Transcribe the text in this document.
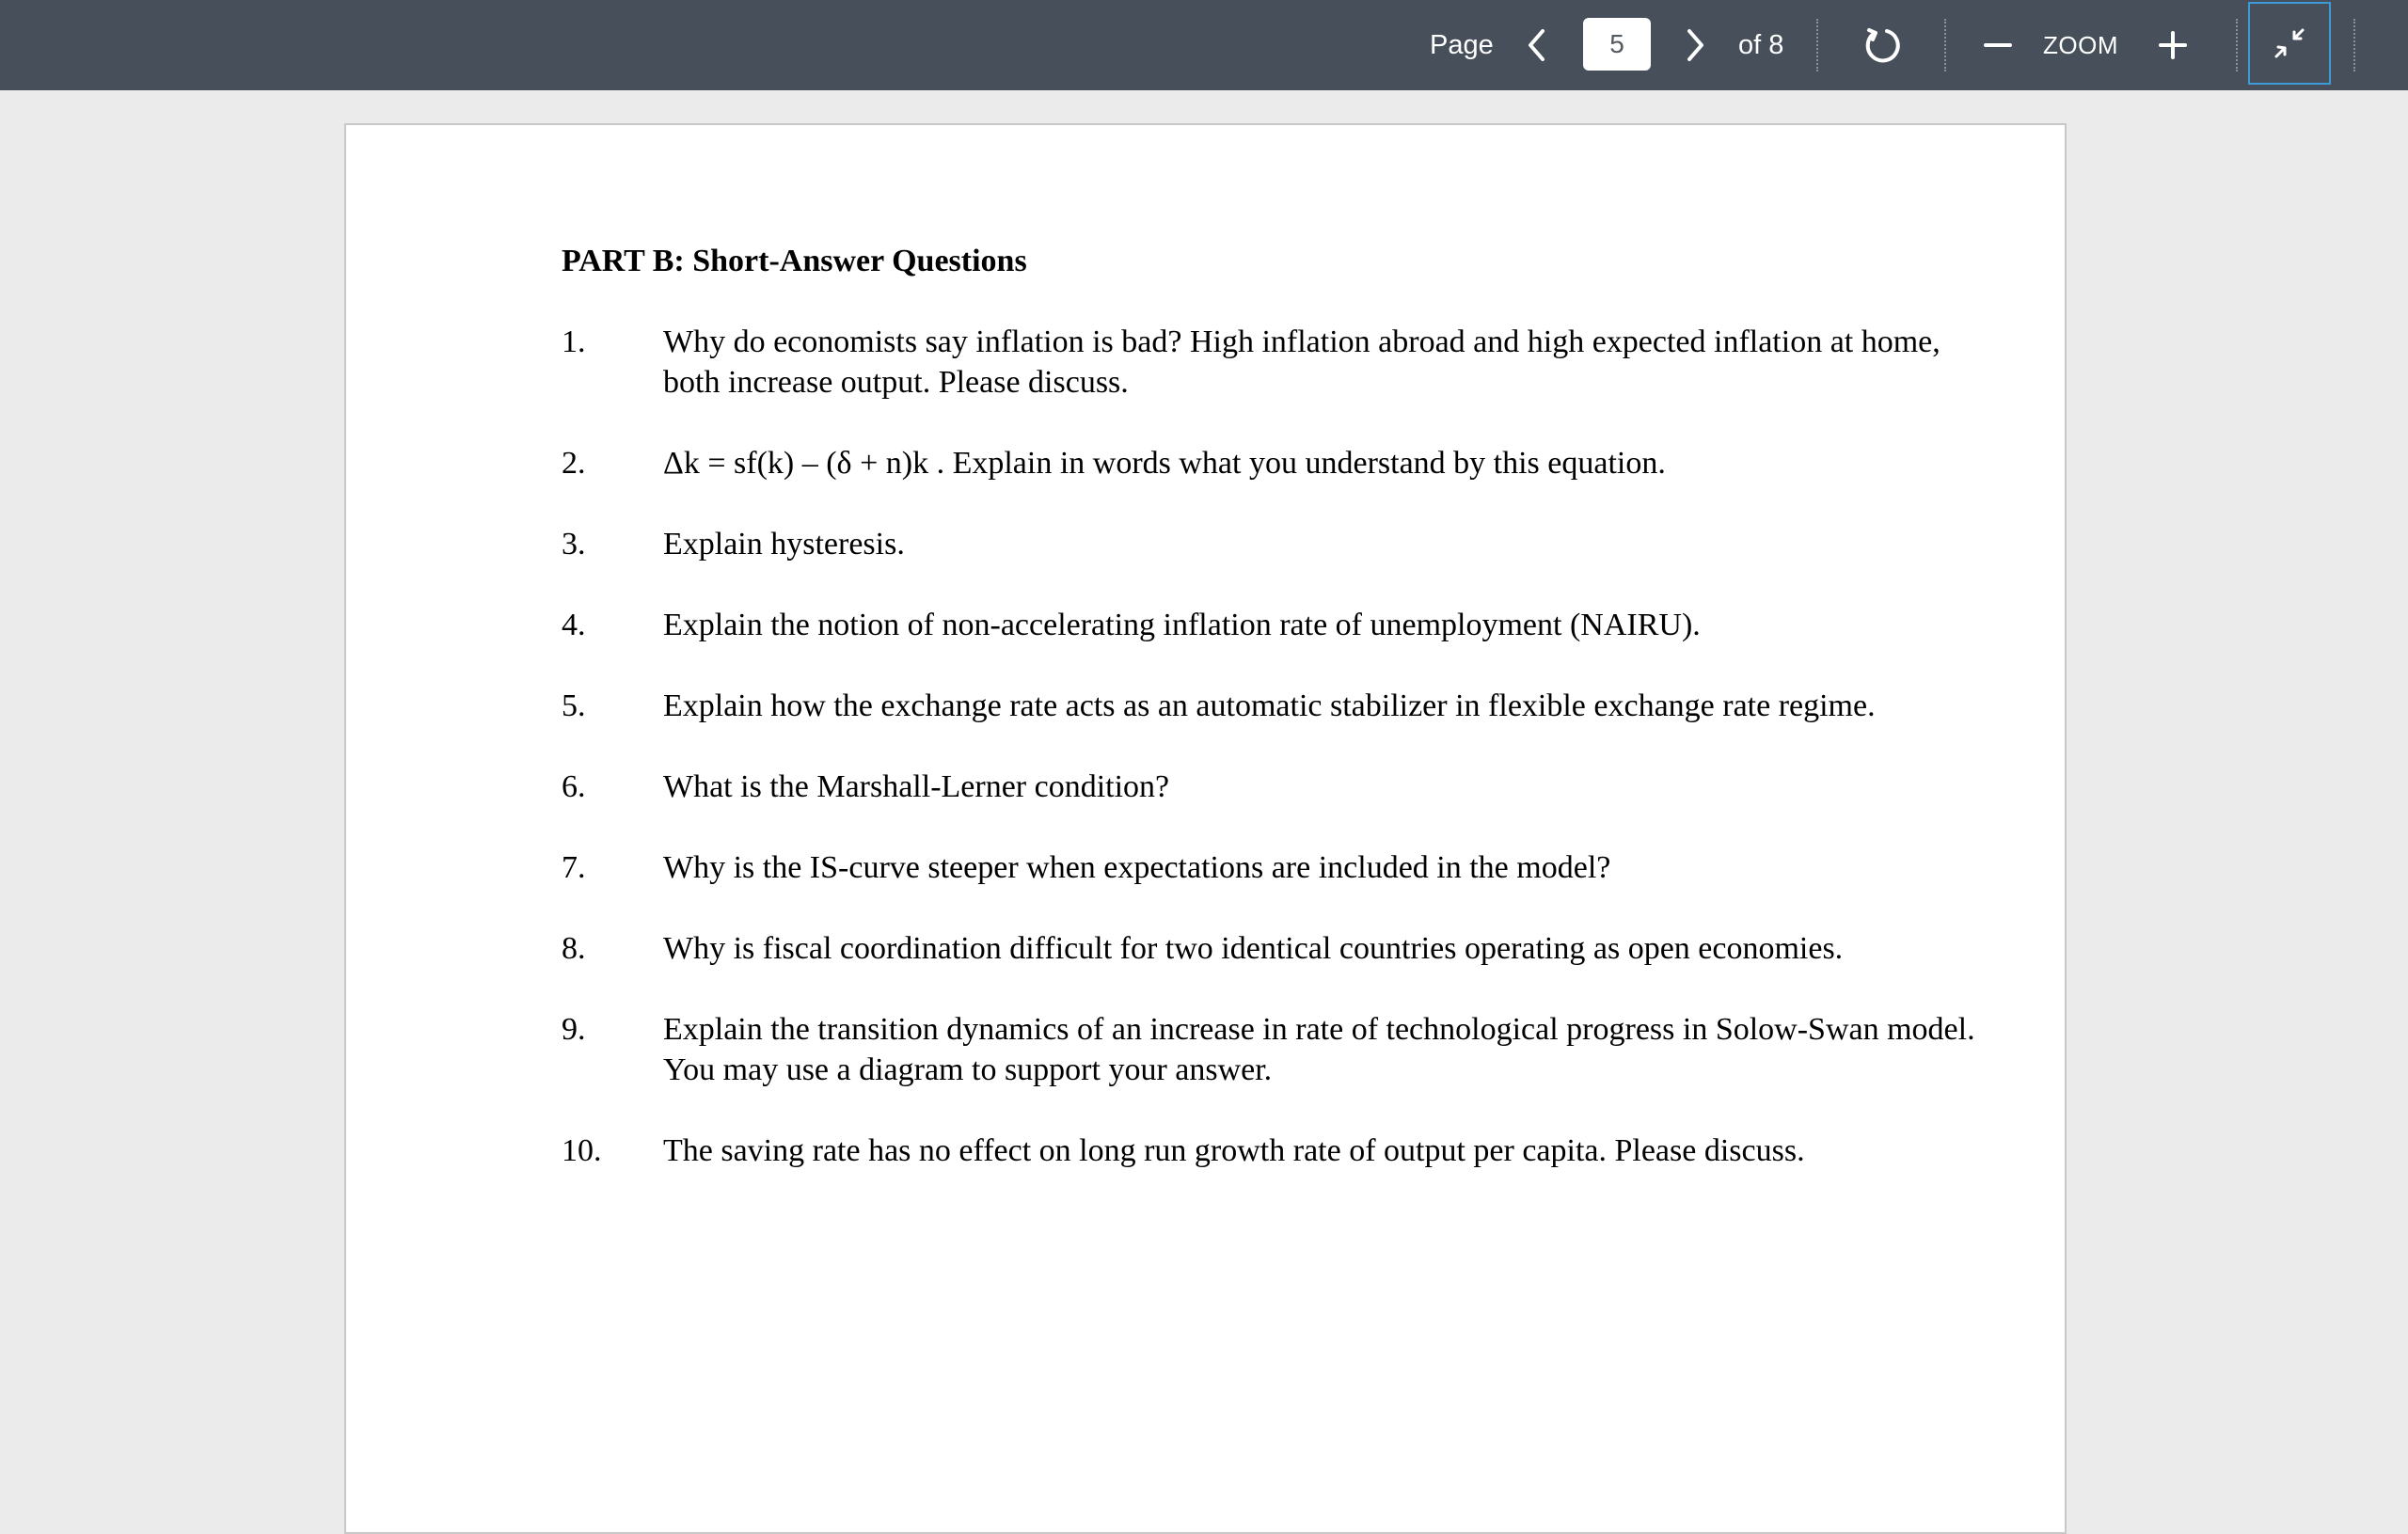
Page
5	of 8	ZOOM
PART B: Short-Answer Questions
1. Why do economists say inflation is bad? High inflation abroad and high expected inflation at home, both increase output. Please discuss.
2. Δk = sf(k) – (δ + n)k . Explain in words what you understand by this equation.
3. Explain hysteresis.
4. Explain the notion of non-accelerating inflation rate of unemployment (NAIRU).
5. Explain how the exchange rate acts as an automatic stabilizer in flexible exchange rate regime.
6. What is the Marshall-Lerner condition?
7. Why is the IS-curve steeper when expectations are included in the model?
8. Why is fiscal coordination difficult for two identical countries operating as open economies.
9. Explain the transition dynamics of an increase in rate of technological progress in Solow-Swan model. You may use a diagram to support your answer.
10. The saving rate has no effect on long run growth rate of output per capita. Please discuss.
